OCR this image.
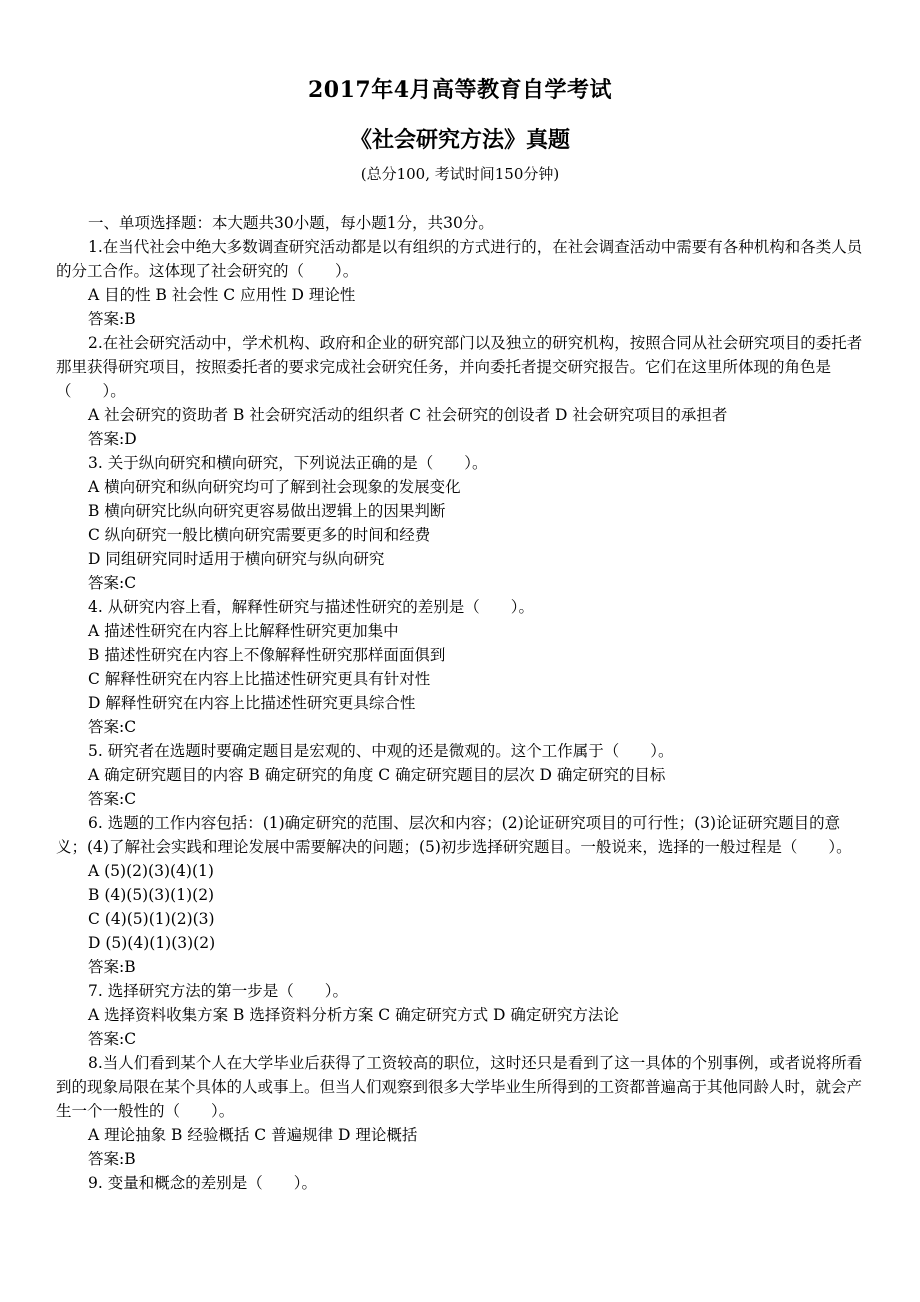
2017年4月高等教育自学考试
《社会研究方法》真题
(总分100, 考试时间150分钟)

一、单项选择题：本大题共30小题，每小题1分，共30分。

1.在当代社会中绝大多数调查研究活动都是以有组织的方式进行的，在社会调查活动中需要有各种机构和各类人员的分工合作。这体现了社会研究的（　　）。

A 目的性 B 社会性 C 应用性 D 理论性

答案:B

2.在社会研究活动中，学术机构、政府和企业的研究部门以及独立的研究机构，按照合同从社会研究项目的委托者那里获得研究项目，按照委托者的要求完成社会研究任务，并向委托者提交研究报告。它们在这里所体现的角色是（　　）。

A 社会研究的资助者 B 社会研究活动的组织者 C 社会研究的创设者 D 社会研究项目的承担者

答案:D

3. 关于纵向研究和横向研究，下列说法正确的是（　　）。

A 横向研究和纵向研究均可了解到社会现象的发展变化

B 横向研究比纵向研究更容易做出逻辑上的因果判断

C 纵向研究一般比横向研究需要更多的时间和经费

D 同组研究同时适用于横向研究与纵向研究

答案:C

4. 从研究内容上看，解释性研究与描述性研究的差别是（　　）。

A 描述性研究在内容上比解释性研究更加集中

B 描述性研究在内容上不像解释性研究那样面面俱到

C 解释性研究在内容上比描述性研究更具有针对性

D 解释性研究在内容上比描述性研究更具综合性

答案:C

5. 研究者在选题时要确定题目是宏观的、中观的还是微观的。这个工作属于（　　）。

A 确定研究题目的内容 B 确定研究的角度 C 确定研究题目的层次 D 确定研究的目标

答案:C

6. 选题的工作内容包括：(1)确定研究的范围、层次和内容；(2)论证研究项目的可行性；(3)论证研究题目的意义；(4)了解社会实践和理论发展中需要解决的问题；(5)初步选择研究题目。一般说来，选择的一般过程是（　　）。

A (5)(2)(3)(4)(1)

B (4)(5)(3)(1)(2)

C (4)(5)(1)(2)(3)

D (5)(4)(1)(3)(2)

答案:B

7. 选择研究方法的第一步是（　　）。

A 选择资料收集方案 B 选择资料分析方案 C 确定研究方式 D 确定研究方法论

答案:C

8.当人们看到某个人在大学毕业后获得了工资较高的职位，这时还只是看到了这一具体的个别事例，或者说将所看到的现象局限在某个具体的人或事上。但当人们观察到很多大学毕业生所得到的工资都普遍高于其他同龄人时，就会产生一个一般性的（　　）。

A 理论抽象 B 经验概括 C 普遍规律 D 理论概括

答案:B

9. 变量和概念的差别是（　　）。
